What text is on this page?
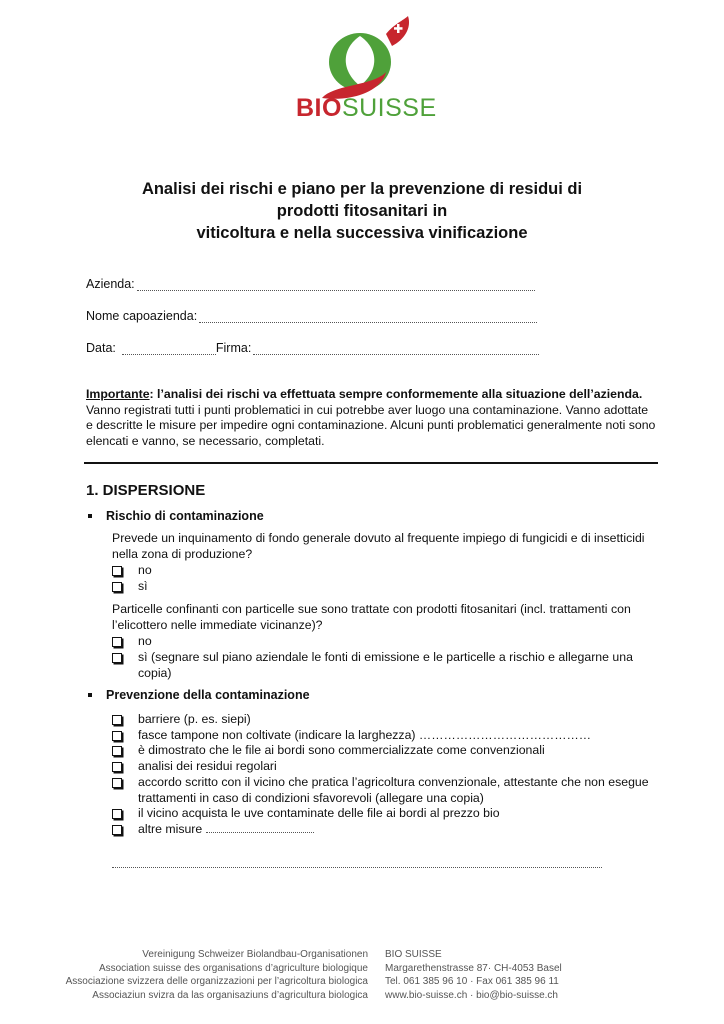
BIOSUISSE
Analisi dei rischi e piano per la prevenzione di residui di
prodotti fitosanitari in
viticoltura e nella successiva vinificazione
Azienda:
Nome capoazienda:
Data:	Firma:
Importante: l’analisi dei rischi va effettuata sempre conformemente alla situazione dell’azienda. Vanno registrati tutti i punti problematici in cui potrebbe aver luogo una contaminazione. Vanno adottate e descritte le misure per impedire ogni contaminazione. Alcuni punti problematici generalmente noti sono elencati e vanno, se necessario, completati.
1. DISPERSIONE
Rischio di contaminazione
Prevede un inquinamento di fondo generale dovuto al frequente impiego di fungicidi e di insetticidi nella zona di produzione?
no
sì
Particelle confinanti con particelle sue sono trattate con prodotti fitosanitari (incl. trattamenti con l’elicottero nelle immediate vicinanze)?
no
sì (segnare sul piano aziendale le fonti di emissione e le particelle a rischio e allegarne una copia)
Prevenzione della contaminazione
barriere (p. es. siepi)
fasce tampone non coltivate (indicare la larghezza) ……………………………………
è dimostrato che le file ai bordi sono commercializzate come convenzionali
analisi dei residui regolari
accordo scritto con il vicino che pratica l’agricoltura convenzionale, attestante che non esegue trattamenti in caso di condizioni sfavorevoli (allegare una copia)
il vicino acquista le uve contaminate delle file ai bordi al prezzo bio
altre misure
Vereinigung Schweizer Biolandbau-Organisationen
Association suisse des organisations d’agriculture biologique
Associazione svizzera delle organizzazioni per l’agricoltura biologica
Associaziun svizra da las organisaziuns d’agricultura biologica
BIO SUISSE
Margarethenstrasse 87· CH-4053 Basel
Tel. 061 385 96 10 · Fax 061 385 96 11
www.bio-suisse.ch · bio@bio-suisse.ch
